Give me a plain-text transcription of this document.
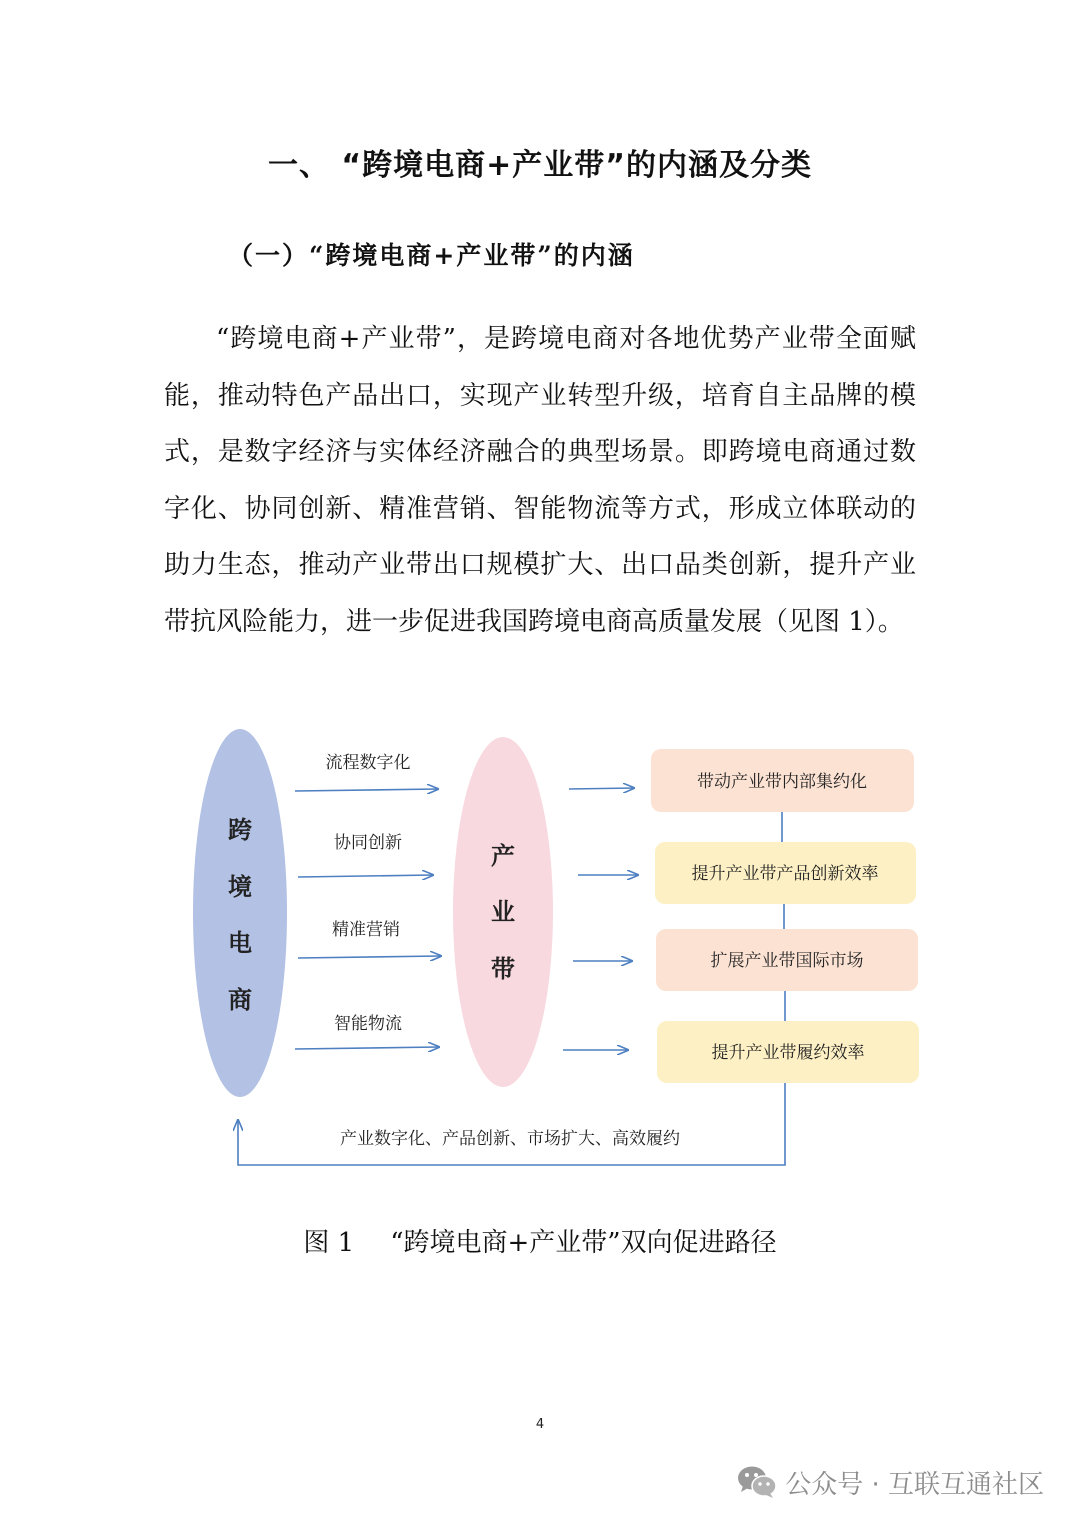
一、 “跨境电商+产业带”的内涵及分类
（一）“跨境电商+产业带”的内涵
“跨境电商+产业带”，是跨境电商对各地优势产业带全面赋能，推动特色产品出口，实现产业转型升级，培育自主品牌的模式，是数字经济与实体经济融合的典型场景。即跨境电商通过数字化、协同创新、精准营销、智能物流等方式，形成立体联动的助力生态，推动产业带出口规模扩大、出口品类创新，提升产业带抗风险能力，进一步促进我国跨境电商高质量发展（见图 1）。
跨
境
电
商
产
业
带
流程数字化
协同创新
精准营销
智能物流
产业数字化、产品创新、市场扩大、高效履约
带动产业带内部集约化
提升产业带产品创新效率
扩展产业带国际市场
提升产业带履约效率
图 1 “跨境电商+产业带”双向促进路径
4
公众号 · 互联互通社区
